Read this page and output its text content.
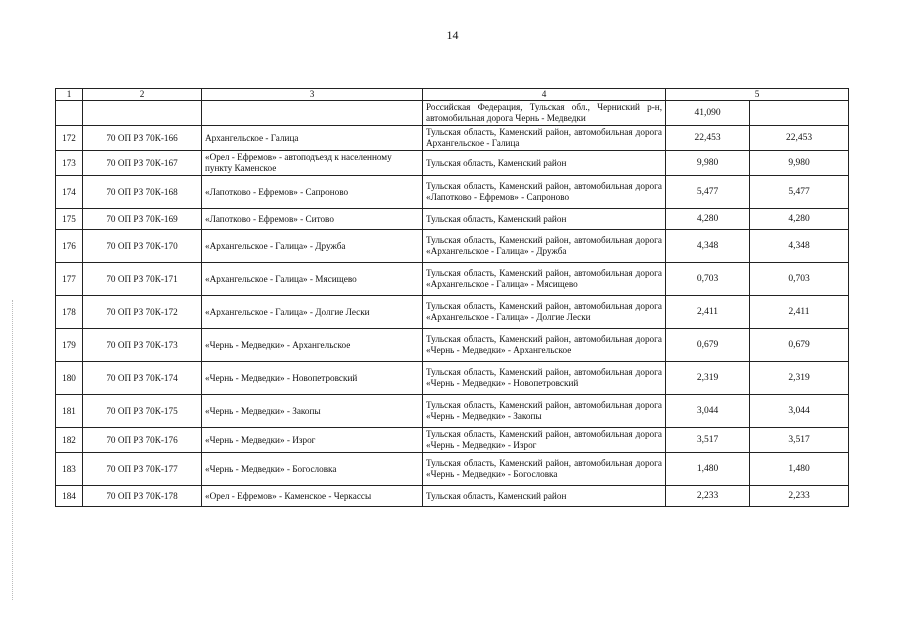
14
1	2	3	4	5	
			Российская Федерация, Тульская обл., Черниский р-н, автомобильная дорога Чернь - Медведки	41,090	
172	70 ОП РЗ 70К-166	Архангельское - Галица	Тульская область, Каменский район, автомобильная дорога Архангельское - Галица	22,453	22,453
173	70 ОП РЗ 70К-167	«Орел - Ефремов» - автоподъезд к населенному пункту Каменское	Тульская область, Каменский район	9,980	9,980
174	70 ОП РЗ 70К-168	«Лапотково - Ефремов» - Сапроново	Тульская область, Каменский район, автомобильная дорога «Лапотково - Ефремов» - Сапроново	5,477	5,477
175	70 ОП РЗ 70К-169	«Лапотково - Ефремов» - Ситово	Тульская область, Каменский район	4,280	4,280
176	70 ОП РЗ 70К-170	«Архангельское - Галица» - Дружба	Тульская область, Каменский район, автомобильная дорога «Архангельское - Галица» - Дружба	4,348	4,348
177	70 ОП РЗ 70К-171	«Архангельское - Галица» - Мясищево	Тульская область, Каменский район, автомобильная дорога «Архангельское - Галица» - Мясищево	0,703	0,703
178	70 ОП РЗ 70К-172	«Архангельское - Галица» - Долгие Лески	Тульская область, Каменский район, автомобильная дорога «Архангельское - Галица» - Долгие Лески	2,411	2,411
179	70 ОП РЗ 70К-173	«Чернь - Медведки» - Архангельское	Тульская область, Каменский район, автомобильная дорога «Чернь - Медведки» - Архангельское	0,679	0,679
180	70 ОП РЗ 70К-174	«Чернь - Медведки» - Новопетровский	Тульская область, Каменский район, автомобильная дорога «Чернь - Медведки» - Новопетровский	2,319	2,319
181	70 ОП РЗ 70К-175	«Чернь - Медведки» - Закопы	Тульская область, Каменский район, автомобильная дорога «Чернь - Медведки» - Закопы	3,044	3,044
182	70 ОП РЗ 70К-176	«Чернь - Медведки» - Изрог	Тульская область, Каменский район, автомобильная дорога «Чернь - Медведки» - Изрог	3,517	3,517
183	70 ОП РЗ 70К-177	«Чернь - Медведки» - Богословка	Тульская область, Каменский район, автомобильная дорога «Чернь - Медведки» - Богословка	1,480	1,480
184	70 ОП РЗ 70К-178	«Орел - Ефремов» - Каменское - Черкассы	Тульская область, Каменский район	2,233	2,233
